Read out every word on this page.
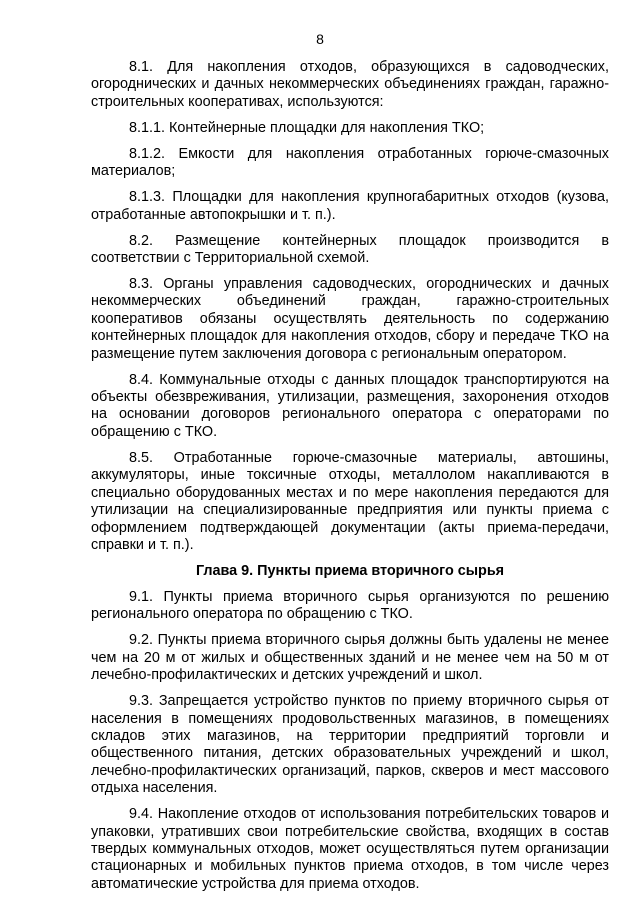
8

8.1. Для накопления отходов, образующихся в садоводческих, огороднических и дачных некоммерческих объединениях граждан, гаражно-строительных кооперативах, используются:

8.1.1. Контейнерные площадки для накопления ТКО;

8.1.2. Емкости для накопления отработанных горюче-смазочных материалов;

8.1.3. Площадки для накопления крупногабаритных отходов (кузова, отработанные автопокрышки и т. п.).

8.2. Размещение контейнерных площадок производится в соответствии с Территориальной схемой.

8.3. Органы управления садоводческих, огороднических и дачных некоммерческих объединений граждан, гаражно-строительных кооперативов обязаны осуществлять деятельность по содержанию контейнерных площадок для накопления отходов, сбору и передаче ТКО на размещение путем заключения договора с региональным оператором.

8.4. Коммунальные отходы с данных площадок транспортируются на объекты обезвреживания, утилизации, размещения, захоронения отходов на основании договоров регионального оператора с операторами по обращению с ТКО.

8.5. Отработанные горюче-смазочные материалы, автошины, аккумуляторы, иные токсичные отходы, металлолом накапливаются в специально оборудованных местах и по мере накопления передаются для утилизации на специализированные предприятия или пункты приема с оформлением подтверждающей документации (акты приема-передачи, справки и т. п.).

Глава 9. Пункты приема вторичного сырья

9.1. Пункты приема вторичного сырья организуются по решению регионального оператора по обращению с ТКО.

9.2. Пункты приема вторичного сырья должны быть удалены не менее чем на 20 м от жилых и общественных зданий и не менее чем на 50 м от лечебно-профилактических и детских учреждений и школ.

9.3. Запрещается устройство пунктов по приему вторичного сырья от населения в помещениях продовольственных магазинов, в помещениях складов этих магазинов, на территории предприятий торговли и общественного питания, детских образовательных учреждений и школ, лечебно-профилактических организаций, парков, скверов и мест массового отдыха населения.

9.4. Накопление отходов от использования потребительских товаров и упаковки, утративших свои потребительские свойства, входящих в состав твердых коммунальных отходов, может осуществляться путем организации стационарных и мобильных пунктов приема отходов, в том числе через автоматические устройства для приема отходов.
